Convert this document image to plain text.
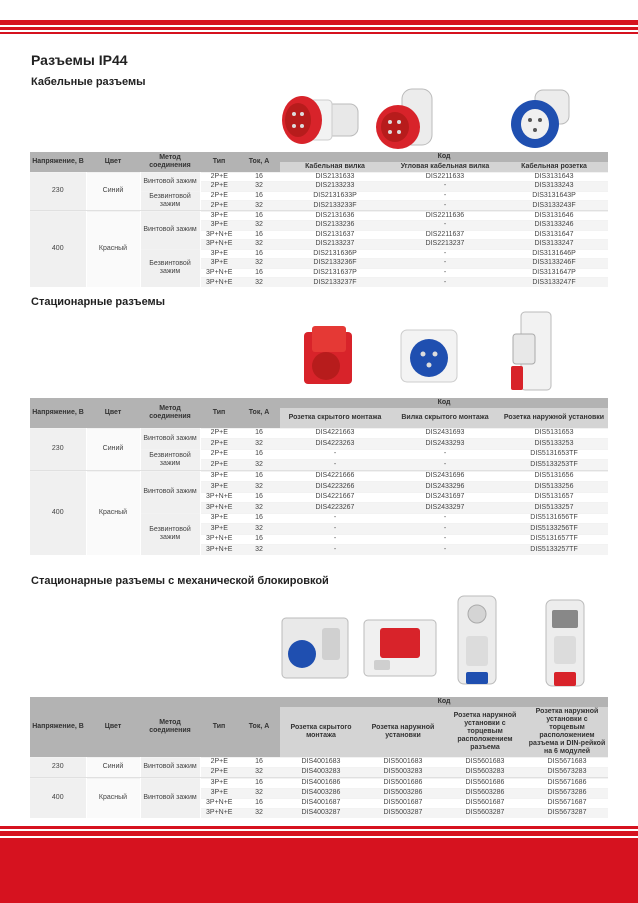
Разъемы IP44
Кабельные разъемы
Напряжение, В	Цвет	Метод соединения	Тип	Ток, А	Код		
					Кабельная вилка	Угловая кабельная вилка	Кабельная розетка
230	Синий	Винтовой зажим	2P+E	16	DIS2131633	DIS2211633	DIS3131643
			2P+E	32	DIS2133233	-	DIS3133243
		Безвинтовой зажим	2P+E	16	DIS2131633P	-	DIS3131643P
			2P+E	32	DIS2133233F	-	DIS3133243F

400	Красный	Винтовой зажим	3P+E	16	DIS2131636	DIS2211636	DIS3131646
			3P+E	32	DIS2133236	-	DIS3133246
			3P+N+E	16	DIS2131637	DIS2211637	DIS3131647
			3P+N+E	32	DIS2133237	DIS2213237	DIS3133247
		Безвинтовой зажим	3P+E	16	DIS2131636P	-	DIS3131646P
			3P+E	32	DIS2133236F	-	DIS3133246F
			3P+N+E	16	DIS2131637P	-	DIS3131647P
			3P+N+E	32	DIS2133237F	-	DIS3133247F
Стационарные разъемы
Напряжение, В	Цвет	Метод соединения	Тип	Ток, А	Код		
					Розетка скрытого монтажа	Вилка скрытого монтажа	Розетка наружной установки
230	Синий	Винтовой зажим	2P+E	16	DIS4221663	DIS2431693	DIS5131653
			2P+E	32	DIS4223263	DIS2433293	DIS5133253
		Безвинтовой зажим	2P+E	16	-	-	DIS5131653TF
			2P+E	32	-	-	DIS5133253TF

400	Красный	Винтовой зажим	3P+E	16	DIS4221666	DIS2431696	DIS5131656
			3P+E	32	DIS4223266	DIS2433296	DIS5133256
			3P+N+E	16	DIS4221667	DIS2431697	DIS5131657
			3P+N+E	32	DIS4223267	DIS2433297	DIS5133257
		Безвинтовой зажим	3P+E	16	-	-	DIS5131656TF
			3P+E	32	-	-	DIS5133256TF
			3P+N+E	16	-	-	DIS5131657TF
			3P+N+E	32	-	-	DIS5133257TF
Стационарные разъемы с механической блокировкой
Напряжение, В	Цвет	Метод соединения	Тип	Ток, А	Код			
					Розетка скрытого монтажа	Розетка наружной установки	Розетка наружной установки с торцевым расположением разъема	Розетка наружной установки с торцевым расположением разъема и DIN-рейкой на 6 модулей
230	Синий	Винтовой зажим	2P+E	16	DIS4001683	DIS5001683	DIS5601683	DIS5671683
			2P+E	32	DIS4003283	DIS5003283	DIS5603283	DIS5673283

400	Красный	Винтовой зажим	3P+E	16	DIS4001686	DIS5001686	DIS5601686	DIS5671686
			3P+E	32	DIS4003286	DIS5003286	DIS5603286	DIS5673286
			3P+N+E	16	DIS4001687	DIS5001687	DIS5601687	DIS5671687
			3P+N+E	32	DIS4003287	DIS5003287	DIS5603287	DIS5673287
